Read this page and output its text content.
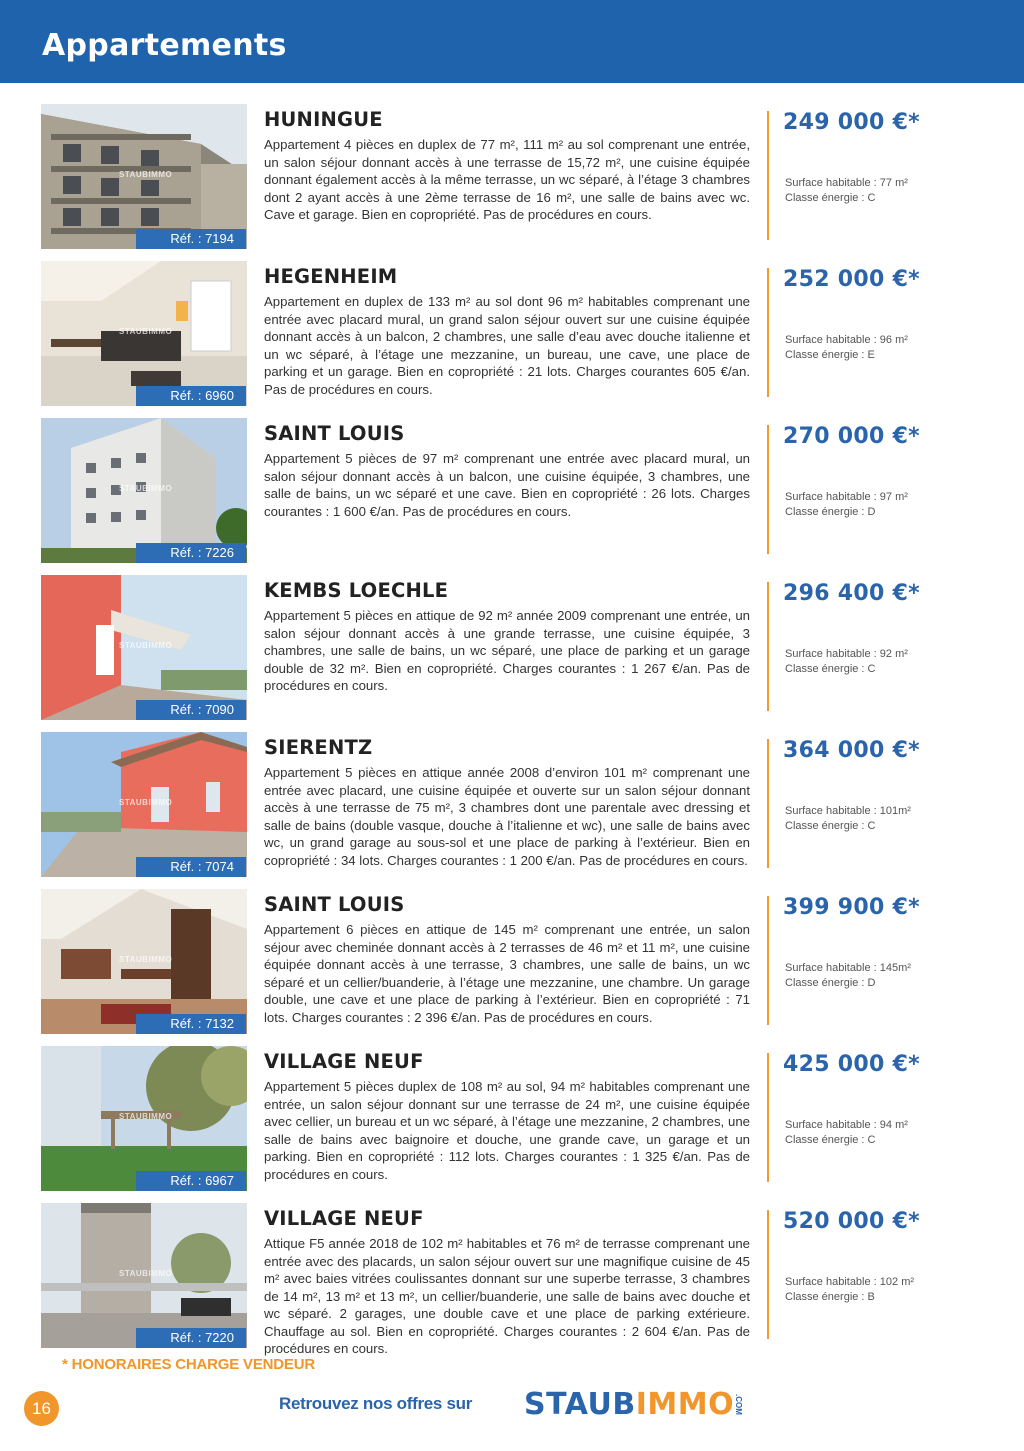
Appartements
STAUBIMMO
Réf. : 7194
HUNINGUE
Appartement 4 pièces en duplex de 77 m², 111 m² au sol comprenant une entrée, un salon séjour donnant accès à une terrasse de 15,72 m², une cuisine équipée donnant également accès à la même terrasse, un wc séparé, à l’étage 3 chambres dont 2 ayant accès à une 2ème terrasse de 16 m², une salle de bains avec wc. Cave et garage. Bien en copropriété. Pas de procédures en cours.
249 000 €*
Surface habitable : 77 m²
Classe énergie : C
STAUBIMMO
Réf. : 6960
HEGENHEIM
Appartement en duplex de 133 m² au sol dont 96 m² habitables comprenant une entrée avec placard mural, un grand salon séjour ouvert sur une cuisine équipée donnant accès à un balcon, 2 chambres, une salle d’eau avec douche italienne et un wc séparé, à l’étage une mezzanine, un bureau, une cave, une place de parking et un garage. Bien en copropriété : 21 lots. Charges courantes 605 €/an. Pas de procédures en cours.
252 000 €*
Surface habitable : 96 m²
Classe énergie : E
STAUBIMMO
Réf. : 7226
SAINT LOUIS
Appartement 5 pièces de 97 m² comprenant une entrée avec placard mural, un salon séjour donnant accès à un balcon, une cuisine équipée, 3 chambres, une salle de bains, un wc séparé et une cave. Bien en copropriété : 26 lots. Charges courantes : 1 600 €/an. Pas de procédures en cours.
270 000 €*
Surface habitable : 97 m²
Classe énergie : D
STAUBIMMO
Réf. : 7090
KEMBS LOECHLE
Appartement 5 pièces en attique de 92 m² année 2009 comprenant une entrée, un salon séjour donnant accès à une grande terrasse, une cuisine équipée, 3 chambres, une salle de bains, un wc séparé, une place de parking et un garage double de 32 m². Bien en copropriété. Charges courantes : 1 267 €/an. Pas de procédures en cours.
296 400 €*
Surface habitable : 92 m²
Classe énergie : C
STAUBIMMO
Réf. : 7074
SIERENTZ
Appartement 5 pièces en attique année 2008 d’environ 101 m² comprenant une entrée avec placard, une cuisine équipée et ouverte sur un salon séjour donnant accès à une terrasse de 75 m², 3 chambres dont une parentale avec dressing et salle de bains (double vasque, douche à l’italienne et wc), une salle de bains avec wc, un grand garage au sous-sol et une place de parking à l’extérieur. Bien en copropriété : 34 lots. Charges courantes : 1 200 €/an. Pas de procédures en cours.
364 000 €*
Surface habitable : 101m²
Classe énergie : C
STAUBIMMO
Réf. : 7132
SAINT LOUIS
Appartement 6 pièces en attique de 145 m² comprenant une entrée, un salon séjour avec cheminée donnant accès à 2 terrasses de 46 m² et 11 m², une cuisine équipée donnant accès à une terrasse, 3 chambres, une salle de bains, un wc séparé et un cellier/buanderie, à l’étage une mezzanine, une chambre. Un garage double, une cave et une place de parking à l’extérieur. Bien en copropriété : 71 lots. Charges courantes : 2 396 €/an. Pas de procédures en cours.
399 900 €*
Surface habitable : 145m²
Classe énergie : D
STAUBIMMO
Réf. : 6967
VILLAGE NEUF
Appartement 5 pièces duplex de 108 m² au sol, 94 m² habitables comprenant une entrée, un salon séjour donnant sur une terrasse de 24 m², une cuisine équipée avec cellier, un bureau et un wc séparé, à l’étage une mezzanine, 2 chambres, une salle de bains avec baignoire et douche, une grande cave, un garage et un parking. Bien en copropriété : 112 lots. Charges courantes : 1 325 €/an. Pas de procédures en cours.
425 000 €*
Surface habitable : 94 m²
Classe énergie : C
STAUBIMMO
Réf. : 7220
VILLAGE NEUF
Attique F5 année 2018 de 102 m² habitables et 76 m² de terrasse comprenant une entrée avec des placards, un salon séjour ouvert sur une magnifique cuisine de 45 m² avec baies vitrées coulissantes donnant sur une superbe terrasse, 3 chambres de 14 m², 13 m² et 13 m², un cellier/buanderie, une salle de bains avec douche et wc séparé. 2 garages, une double cave et une place de parking extérieure. Chauffage au sol. Bien en copropriété. Charges courantes : 2 604 €/an. Pas de procédures en cours.
520 000 €*
Surface habitable : 102 m²
Classe énergie : B
* HONORAIRES CHARGE VENDEUR
16	Retrouvez nos offres sur STAUB IMMO .COM
